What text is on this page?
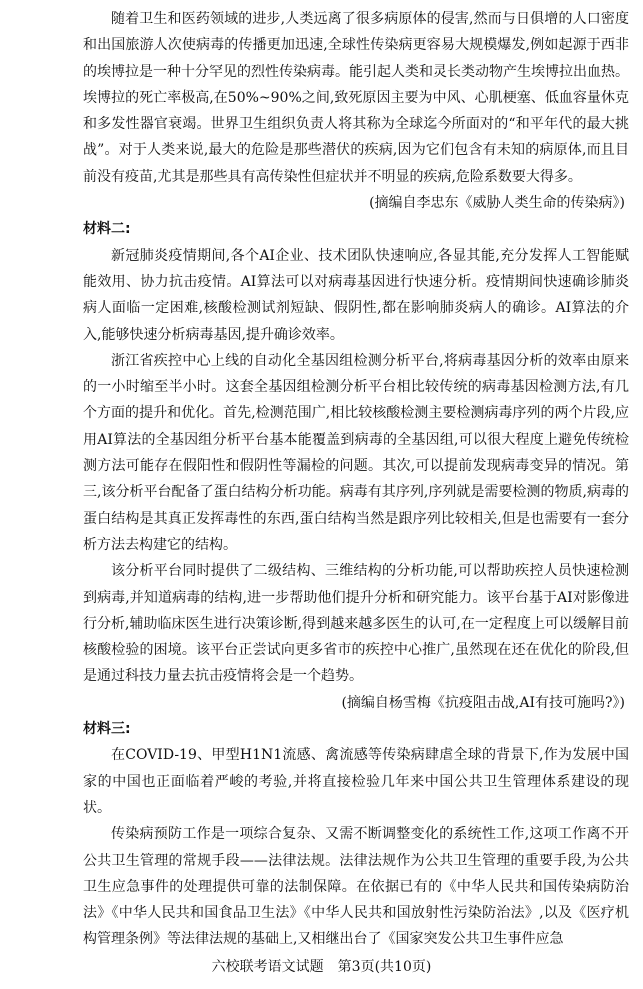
随着卫生和医药领域的进步,人类远离了很多病原体的侵害,然而与日俱增的人口密度和出国旅游人次使病毒的传播更加迅速,全球性传染病更容易大规模爆发,例如起源于西非的埃博拉是一种十分罕见的烈性传染病毒。能引起人类和灵长类动物产生埃博拉出血热。埃博拉的死亡率极高,在50%~90%之间,致死原因主要为中风、心肌梗塞、低血容量休克和多发性器官衰竭。世界卫生组织负责人将其称为全球迄今所面对的“和平年代的最大挑战”。对于人类来说,最大的危险是那些潜伏的疾病,因为它们包含有未知的病原体,而且目前没有疫苗,尤其是那些具有高传染性但症状并不明显的疾病,危险系数要大得多。

(摘编自李忠东《威胁人类生命的传染病》)

材料二:

新冠肺炎疫情期间,各个AI企业、技术团队快速响应,各显其能,充分发挥人工智能赋能效用、协力抗击疫情。AI算法可以对病毒基因进行快速分析。疫情期间快速确诊肺炎病人面临一定困难,核酸检测试剂短缺、假阴性,都在影响肺炎病人的确诊。AI算法的介入,能够快速分析病毒基因,提升确诊效率。

浙江省疾控中心上线的自动化全基因组检测分析平台,将病毒基因分析的效率由原来的一小时缩至半小时。这套全基因组检测分析平台相比较传统的病毒基因检测方法,有几个方面的提升和优化。首先,检测范围广,相比较核酸检测主要检测病毒序列的两个片段,应用AI算法的全基因组分析平台基本能覆盖到病毒的全基因组,可以很大程度上避免传统检测方法可能存在假阳性和假阴性等漏检的问题。其次,可以提前发现病毒变异的情况。第三,该分析平台配备了蛋白结构分析功能。病毒有其序列,序列就是需要检测的物质,病毒的蛋白结构是其真正发挥毒性的东西,蛋白结构当然是跟序列比较相关,但是也需要有一套分析方法去构建它的结构。

该分析平台同时提供了二级结构、三维结构的分析功能,可以帮助疾控人员快速检测到病毒,并知道病毒的结构,进一步帮助他们提升分析和研究能力。该平台基于AI对影像进行分析,辅助临床医生进行决策诊断,得到越来越多医生的认可,在一定程度上可以缓解目前核酸检验的困境。该平台正尝试向更多省市的疾控中心推广,虽然现在还在优化的阶段,但是通过科技力量去抗击疫情将会是一个趋势。

(摘编自杨雪梅《抗疫阻击战,AI有技可施吗?》)

材料三:

在COVID-19、甲型H1N1流感、禽流感等传染病肆虐全球的背景下,作为发展中国家的中国也正面临着严峻的考验,并将直接检验几年来中国公共卫生管理体系建设的现状。

传染病预防工作是一项综合复杂、又需不断调整变化的系统性工作,这项工作离不开公共卫生管理的常规手段——法律法规。法律法规作为公共卫生管理的重要手段,为公共卫生应急事件的处理提供可靠的法制保障。在依据已有的《中华人民共和国传染病防治法》《中华人民共和国食品卫生法》《中华人民共和国放射性污染防治法》,以及《医疗机构管理条例》等法律法规的基础上,又相继出台了《国家突发公共卫生事件应急

六校联考语文试题　第3页(共10页)
